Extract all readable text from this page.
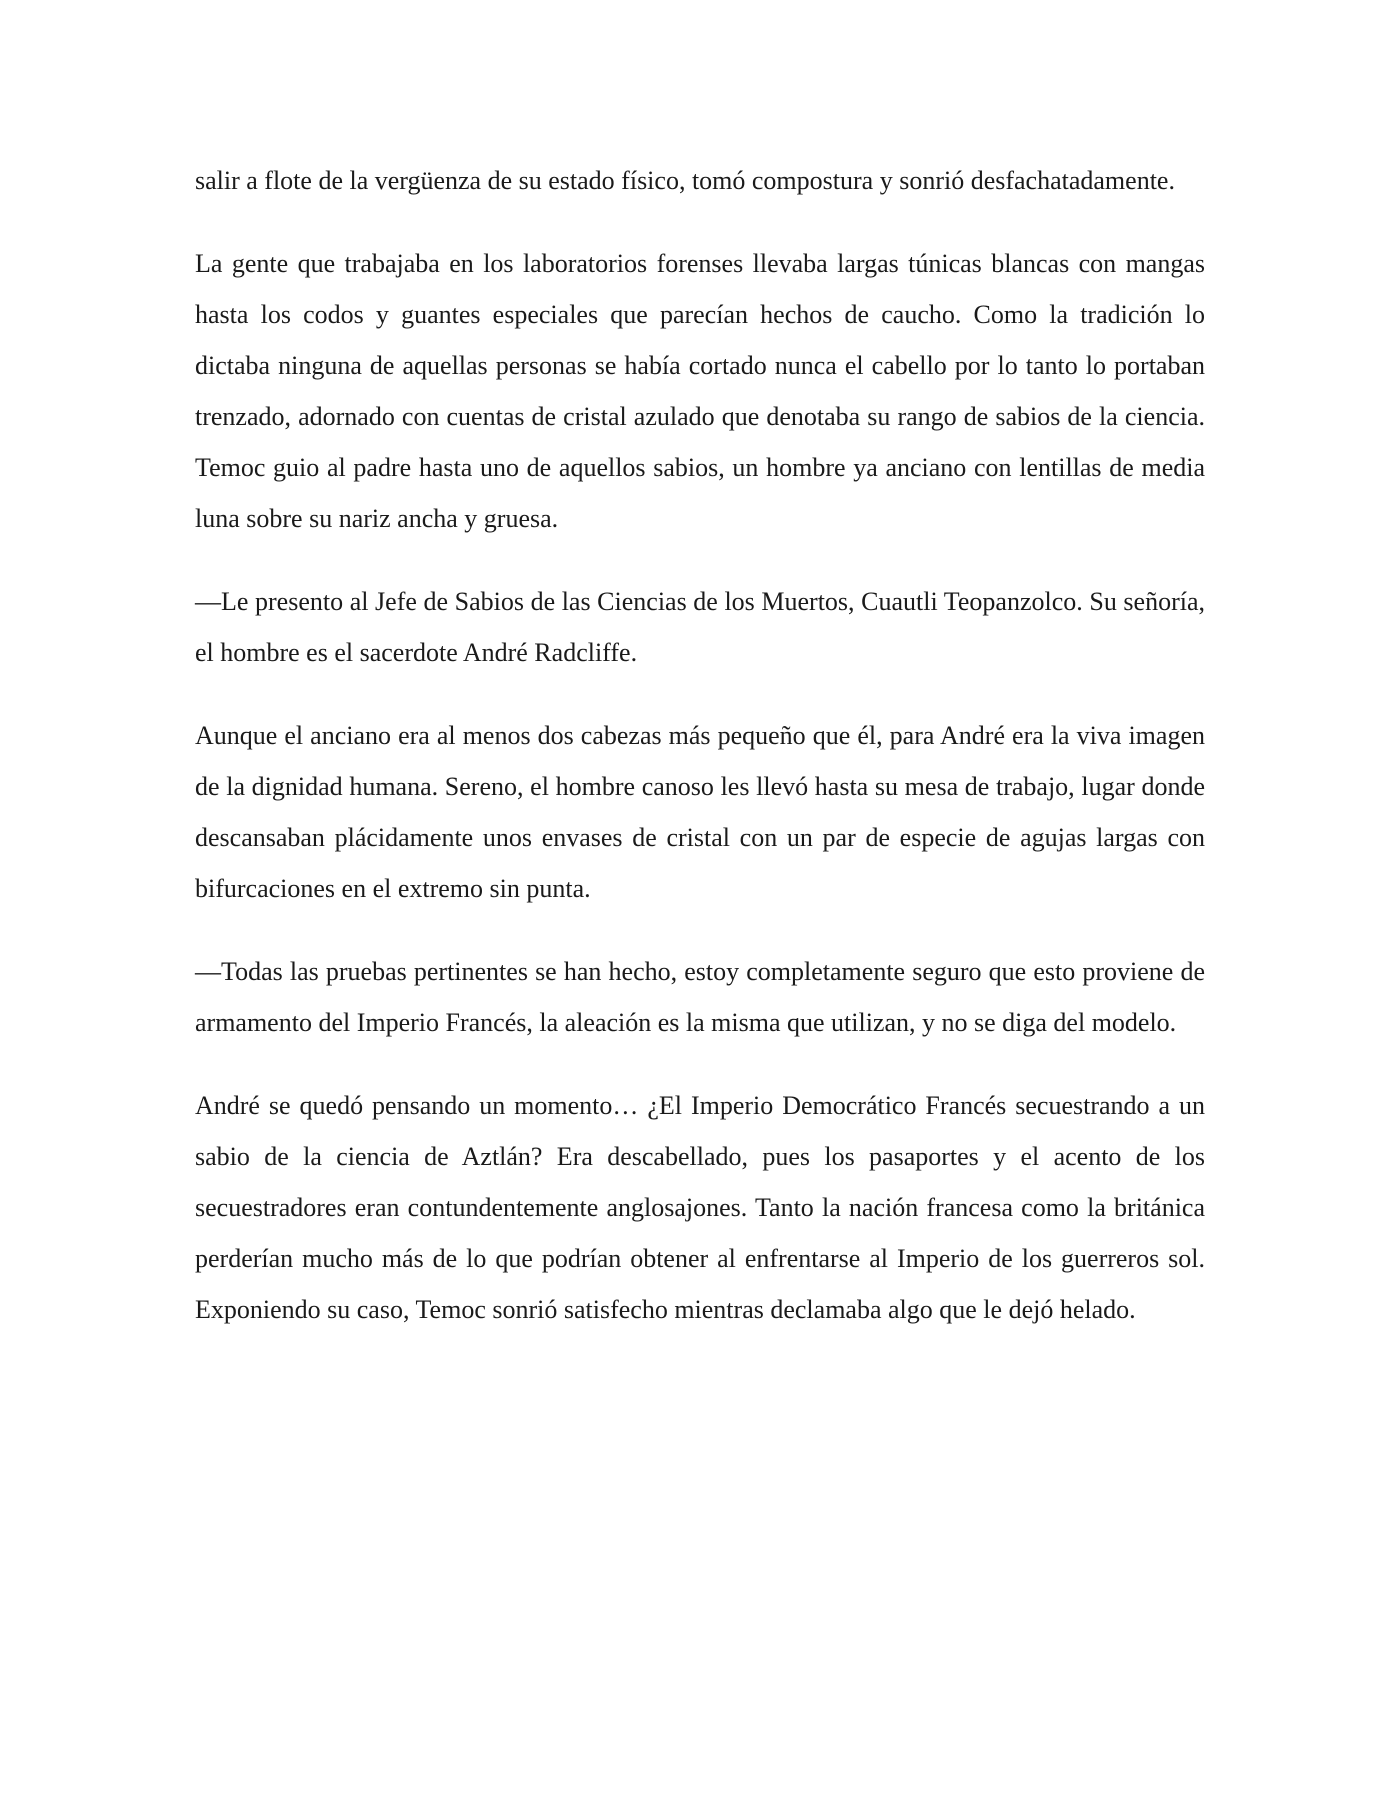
salir a flote de la vergüenza de su estado físico, tomó compostura y sonrió desfachatadamente.

La gente que trabajaba en los laboratorios forenses llevaba largas túnicas blancas con mangas hasta los codos y guantes especiales que parecían hechos de caucho. Como la tradición lo dictaba ninguna de aquellas personas se había cortado nunca el cabello por lo tanto lo portaban trenzado, adornado con cuentas de cristal azulado que denotaba su rango de sabios de la ciencia. Temoc guio al padre hasta uno de aquellos sabios, un hombre ya anciano con lentillas de media luna sobre su nariz ancha y gruesa.

—Le presento al Jefe de Sabios de las Ciencias de los Muertos, Cuautli Teopanzolco. Su señoría, el hombre es el sacerdote André Radcliffe.

Aunque el anciano era al menos dos cabezas más pequeño que él, para André era la viva imagen de la dignidad humana. Sereno, el hombre canoso les llevó hasta su mesa de trabajo, lugar donde descansaban plácidamente unos envases de cristal con un par de especie de agujas largas con bifurcaciones en el extremo sin punta.

—Todas las pruebas pertinentes se han hecho, estoy completamente seguro que esto proviene de armamento del Imperio Francés, la aleación es la misma que utilizan, y no se diga del modelo.

André se quedó pensando un momento… ¿El Imperio Democrático Francés secuestrando a un sabio de la ciencia de Aztlán? Era descabellado, pues los pasaportes y el acento de los secuestradores eran contundentemente anglosajones. Tanto la nación francesa como la británica perderían mucho más de lo que podrían obtener al enfrentarse al Imperio de los guerreros sol. Exponiendo su caso, Temoc sonrió satisfecho mientras declamaba algo que le dejó helado.
